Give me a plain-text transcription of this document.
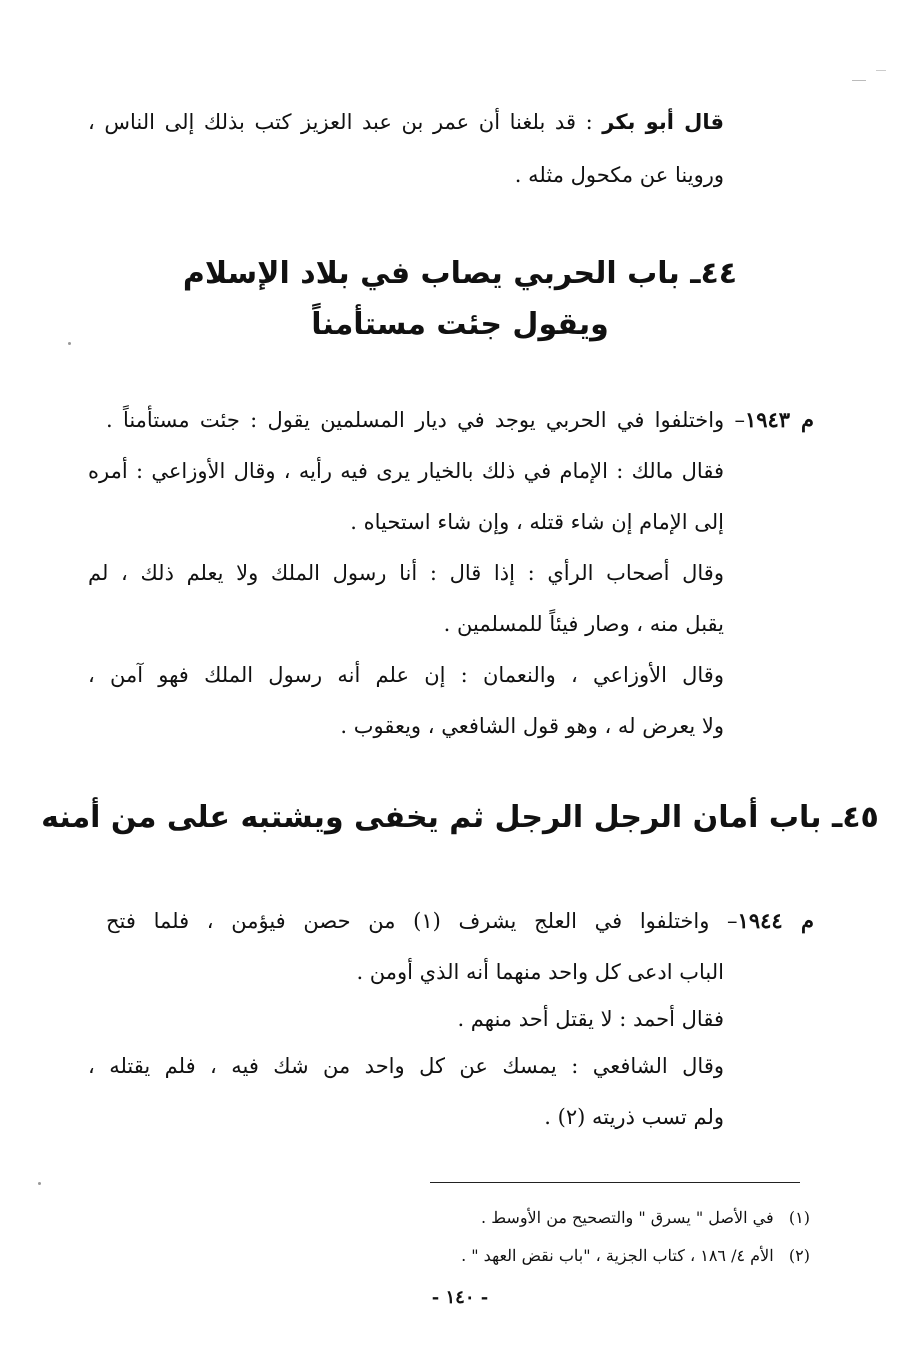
قال أبو بكر : قد بلغنا أن عمر بن عبد العزيز كتب بذلك إلى الناس ،
وروينا عن مكحول مثله .
٤٤ـ باب الحربي يصاب في بلاد الإسلام
ويقول جئت مستأمناً
م ١٩٤٣– واختلفوا في الحربي يوجد في ديار المسلمين يقول : جئت مستأمناً .
فقال مالك : الإمام في ذلك بالخيار يرى فيه رأيه ، وقال الأوزاعي : أمره
إلى الإمام إن شاء قتله ، وإن شاء استحياه .
وقال أصحاب الرأي : إذا قال : أنا رسول الملك ولا يعلم ذلك ، لم
يقبل منه ، وصار فيئاً للمسلمين .
وقال الأوزاعي ، والنعمان : إن علم أنه رسول الملك فهو آمن ،
ولا يعرض له ، وهو قول الشافعي ، ويعقوب .
٤٥ـ باب أمان الرجل الرجل ثم يخفى ويشتبه على من أمنه
م ١٩٤٤– واختلفوا في العلج يشرف (١) من حصن فيؤمن ، فلما فتح
الباب ادعى كل واحد منهما أنه الذي أومن .
فقال أحمد : لا يقتل أحد منهم .
وقال الشافعي : يمسك عن كل واحد من شك فيه ، فلم يقتله ،
ولم تسب ذريته (٢) .
(١)   في الأصل " يسرق " والتصحيح من الأوسط .
(٢)   الأم ٤/ ١٨٦ ، كتاب الجزية ، "باب نقض العهد " .
- ١٤٠ -
